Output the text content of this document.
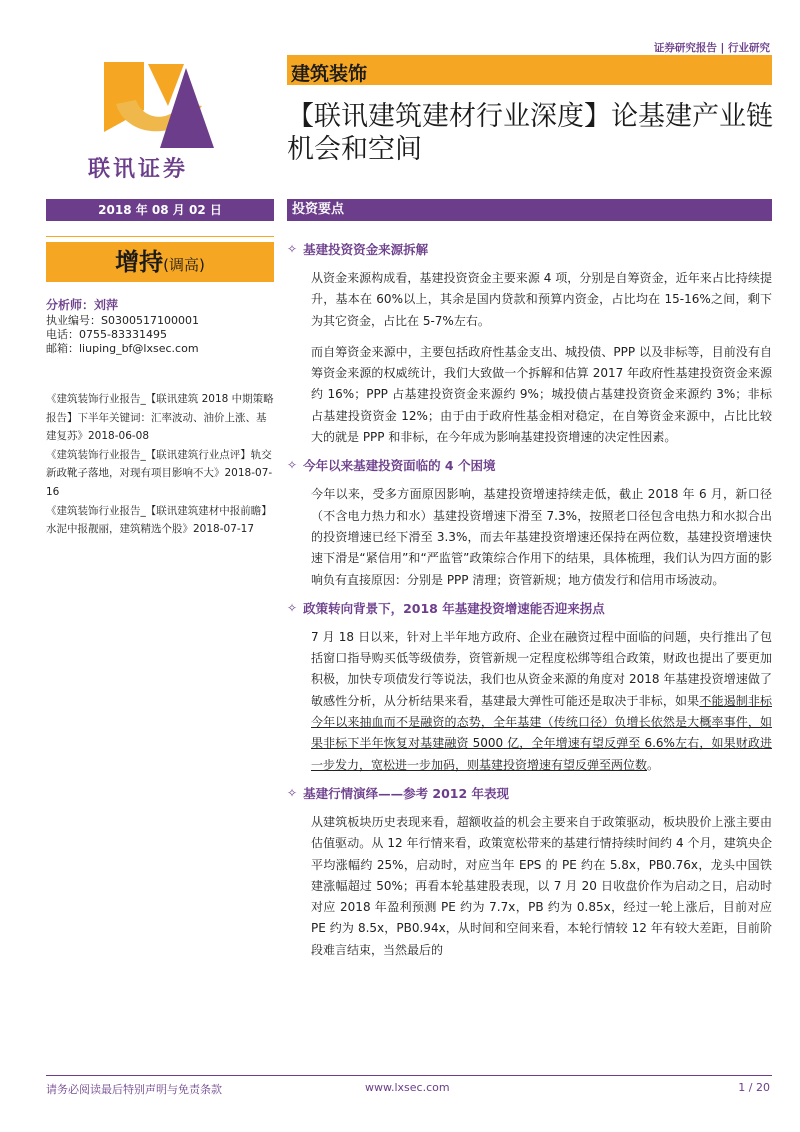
证券研究报告 | 行业研究
联讯证券
建筑装饰
【联讯建筑建材行业深度】论基建产业链机会和空间
2018 年 08 月 02 日	投资要点
增持(调高)
分析师：刘萍
执业编号：S0300517100001
电话：0755-83331495
邮箱：liuping_bf@lxsec.com

《建筑装饰行业报告_【联讯建筑 2018 中期策略报告】下半年关键词：汇率波动、油价上涨、基建复苏》2018-06-08

《建筑装饰行业报告_【联讯建筑行业点评】轨交新政靴子落地，对现有项目影响不大》2018-07-16

《建筑装饰行业报告_【联讯建筑建材中报前瞻】水泥中报靓丽，建筑精选个股》2018-07-17

✧ 基建投资资金来源拆解

从资金来源构成看，基建投资资金主要来源 4 项，分别是自筹资金，近年来占比持续提升，基本在 60%以上，其余是国内贷款和预算内资金，占比均在 15-16%之间，剩下为其它资金，占比在 5-7%左右。

而自筹资金来源中，主要包括政府性基金支出、城投债、PPP 以及非标等，目前没有自筹资金来源的权威统计，我们大致做一个拆解和估算 2017 年政府性基建投资资金来源约 16%；PPP 占基建投资资金来源约 9%；城投债占基建投资资金来源约 3%；非标占基建投资资金 12%；由于由于政府性基金相对稳定，在自筹资金来源中，占比比较大的就是 PPP 和非标，在今年成为影响基建投资增速的决定性因素。

✧ 今年以来基建投资面临的 4 个困境

今年以来，受多方面原因影响，基建投资增速持续走低，截止 2018 年 6 月，新口径（不含电力热力和水）基建投资增速下滑至 7.3%，按照老口径包含电热力和水拟合出的投资增速已经下滑至 3.3%，而去年基建投资增速还保持在两位数，基建投资增速快速下滑是“紧信用”和“严监管”政策综合作用下的结果，具体梳理，我们认为四方面的影响负有直接原因：分别是 PPP 清理；资管新规；地方债发行和信用市场波动。

✧ 政策转向背景下，2018 年基建投资增速能否迎来拐点

7 月 18 日以来，针对上半年地方政府、企业在融资过程中面临的问题，央行推出了包括窗口指导购买低等级债券，资管新规一定程度松绑等组合政策，财政也提出了要更加积极，加快专项债发行等说法，我们也从资金来源的角度对 2018 年基建投资增速做了敏感性分析，从分析结果来看，基建最大弹性可能还是取决于非标，如果不能遏制非标今年以来抽血而不是融资的态势，全年基建（传统口径）负增长依然是大概率事件，如果非标下半年恢复对基建融资 5000 亿，全年增速有望反弹至 6.6%左右，如果财政进一步发力，宽松进一步加码，则基建投资增速有望反弹至两位数。

✧ 基建行情演绎——参考 2012 年表现

从建筑板块历史表现来看，超额收益的机会主要来自于政策驱动，板块股价上涨主要由估值驱动。从 12 年行情来看，政策宽松带来的基建行情持续时间约 4 个月，建筑央企平均涨幅约 25%，启动时，对应当年 EPS 的 PE 约在 5.8x，PB0.76x，龙头中国铁建涨幅超过 50%；再看本轮基建股表现，以 7 月 20 日收盘价作为启动之日，启动时对应 2018 年盈利预测 PE 约为 7.7x，PB 约为 0.85x，经过一轮上涨后，目前对应 PE 约为 8.5x，PB0.94x，从时间和空间来看，本轮行情较 12 年有较大差距，目前阶段难言结束，当然最后的

请务必阅读最后特别声明与免责条款	www.lxsec.com	1 / 20
